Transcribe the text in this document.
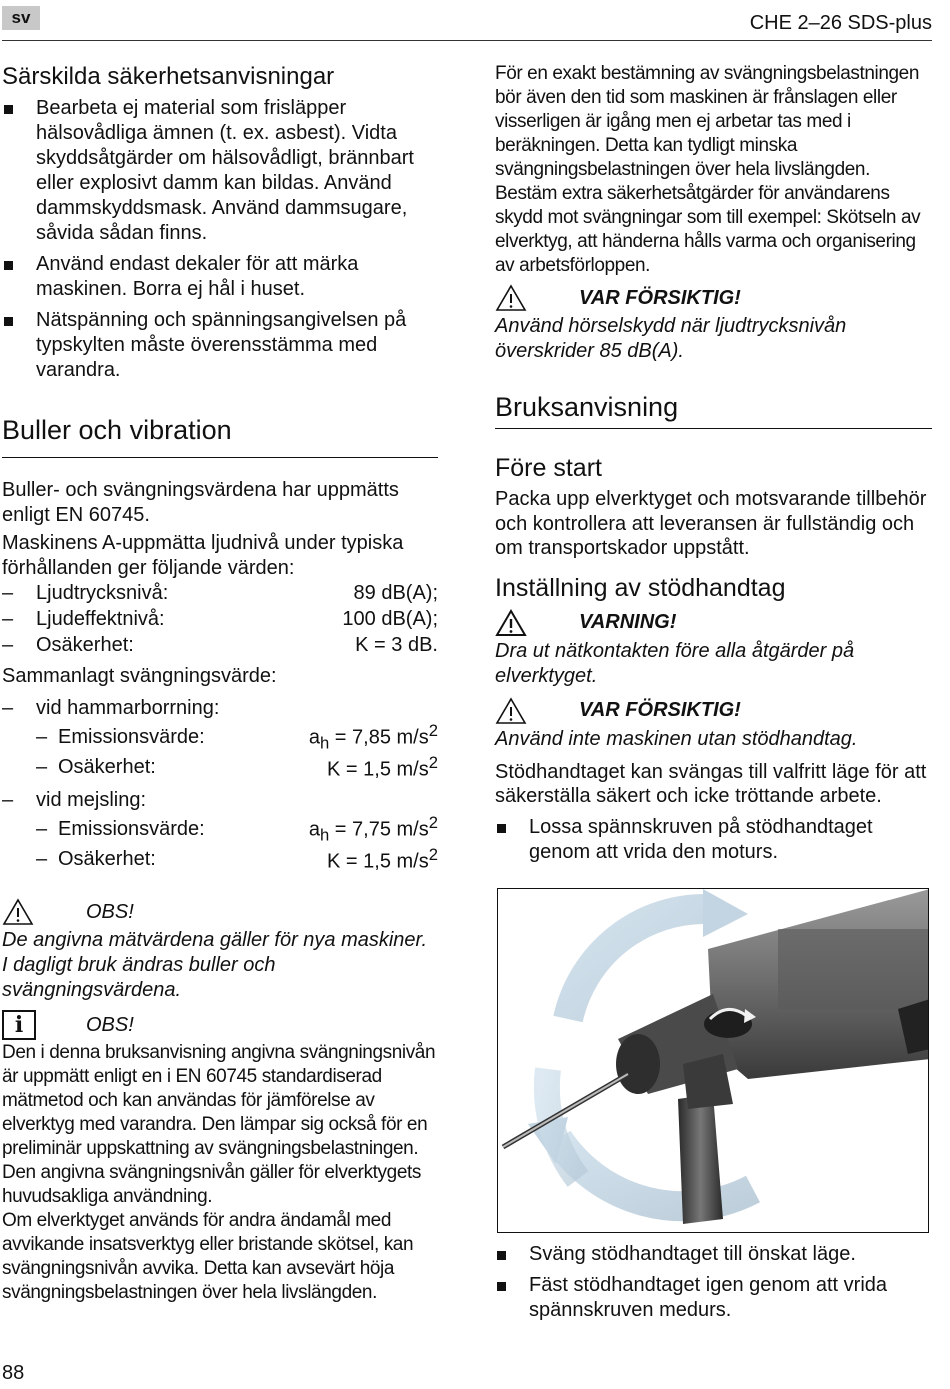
sv	CHE 2–26 SDS-plus
Särskilda säkerhetsanvisningar
Bearbeta ej material som frisläpper hälsovådliga ämnen (t. ex. asbest). Vidta skyddsåtgärder om hälsovådligt, brännbart eller explosivt damm kan bildas. Använd dammskyddsmask. Använd dammsugare, såvida sådan finns.
Använd endast dekaler för att märka maskinen. Borra ej hål i huset.
Nätspänning och spänningsangivelsen på typskylten måste överensstämma med varandra.
Buller och vibration

Buller- och svängningsvärdena har uppmätts enligt EN 60745.

Maskinens A-uppmätta ljudnivå under typiska förhållanden ger följande värden:

– Ljudtrycksnivå:	89 dB(A);
– Ljudeffektnivå:	100 dB(A);
– Osäkerhet:	K = 3 dB.
Sammanlagt svängningsvärde:
–	vid hammarborrning:
– Emissionsvärde:	$a_h = 7,85$ $m/s^2$
– Osäkerhet:	K = 1,5 $m/s^2$
–	vid mejsling:
– Emissionsvärde:	$a_h = 7,75$ $m/s^2$
– Osäkerhet:	K = 1,5 $m/s^2$
OBS!

De angivna mätvärdena gäller för nya maskiner. I dagligt bruk ändras buller och svängningsvärdena.

i	OBS!

Den i denna bruksanvisning angivna svängningsnivån är uppmätt enligt en i EN 60745 standardiserad mätmetod och kan användas för jämförelse av elverktyg med varandra. Den lämpar sig också för en preliminär uppskattning av svängningsbelastningen. Den angivna svängningsnivån gäller för elverktygets huvudsakliga användning.

Om elverktyget används för andra ändamål med avvikande insatsverktyg eller bristande skötsel, kan svängningsnivån avvika. Detta kan avsevärt höja svängningsbelastningen över hela livslängden.

88

För en exakt bestämning av svängningsbelastningen bör även den tid som maskinen är frånslagen eller visserligen är igång men ej arbetar tas med i beräkningen. Detta kan tydligt minska svängningsbelastningen över hela livslängden. Bestäm extra säkerhetsåtgärder för användarens skydd mot svängningar som till exempel: Skötseln av elverktyg, att händerna hålls varma och organisering av arbetsförloppen.

VAR FÖRSIKTIG!

Använd hörselskydd när ljudtrycksnivån överskrider 85 dB(A).

Bruksanvisning
Före start

Packa upp elverktyget och motsvarande tillbehör och kontrollera att leveransen är fullständig och om transportskador uppstått.

Inställning av stödhandtag
VARNING!

Dra ut nätkontakten före alla åtgärder på elverktyget.

VAR FÖRSIKTIG!

Använd inte maskinen utan stödhandtag.

Stödhandtaget kan svängas till valfritt läge för att säkerställa säkert och icke tröttande arbete.

Lossa spännskruven på stödhandtaget genom att vrida den moturs.
Sväng stödhandtaget till önskat läge.
Fäst stödhandtaget igen genom att vrida spännskruven medurs.
